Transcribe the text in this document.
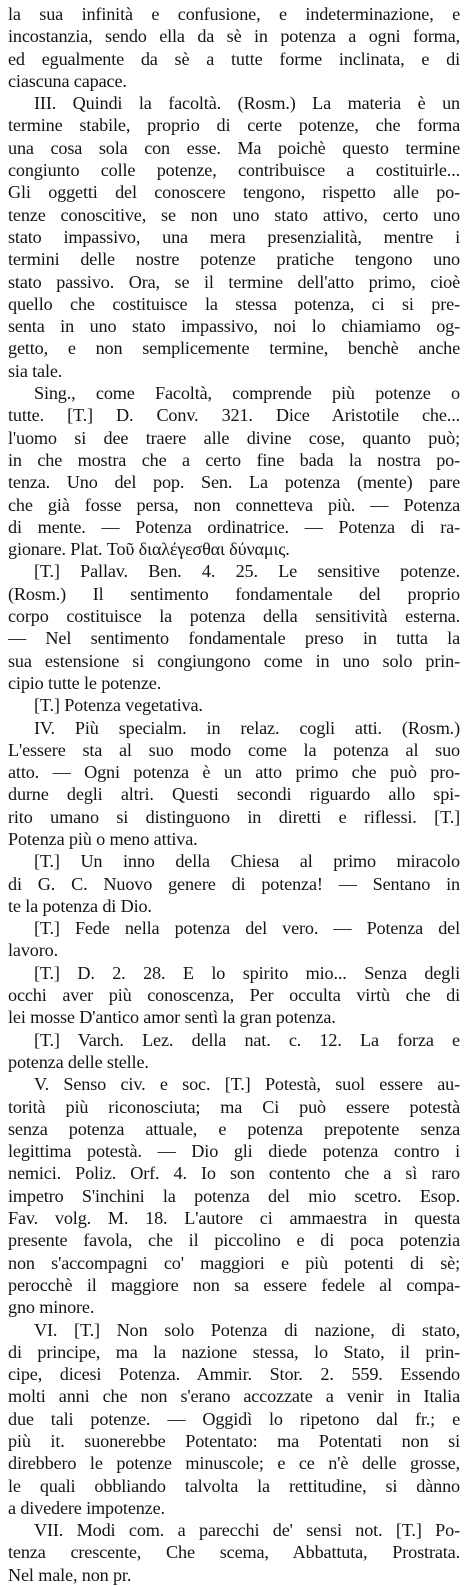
la sua infinità e confusione, e indeterminazione, e
incostanzia, sendo ella da sè in potenza a ogni forma,
ed egualmente da sè a tutte forme inclinata, e di
ciascuna capace.
III. Quindi la facoltà. (Rosm.) La materia è un
termine stabile, proprio di certe potenze, che forma
una cosa sola con esse. Ma poichè questo termine
congiunto colle potenze, contribuisce a costituirle...
Gli oggetti del conoscere tengono, rispetto alle po-
tenze conoscitive, se non uno stato attivo, certo uno
stato impassivo, una mera presenzialità, mentre i
termini delle nostre potenze pratiche tengono uno
stato passivo. Ora, se il termine dell'atto primo, cioè
quello che costituisce la stessa potenza, ci si pre-
senta in uno stato impassivo, noi lo chiamiamo og-
getto, e non semplicemente termine, benchè anche
sia tale.
Sing., come Facoltà, comprende più potenze o
tutte. [T.] D. Conv. 321. Dice Aristotile che...
l'uomo si dee traere alle divine cose, quanto può;
in che mostra che a certo fine bada la nostra po-
tenza. Uno del pop. Sen. La potenza (mente) pare
che già fosse persa, non connetteva più. — Potenza
di mente. — Potenza ordinatrice. — Potenza di ra-
gionare. Plat. Τοῦ διαλέγεσθαι δύναμις.
[T.] Pallav. Ben. 4. 25. Le sensitive potenze.
(Rosm.) Il sentimento fondamentale del proprio
corpo costituisce la potenza della sensitività esterna.
— Nel sentimento fondamentale preso in tutta la
sua estensione si congiungono come in uno solo prin-
cipio tutte le potenze.
[T.] Potenza vegetativa.
IV. Più specialm. in relaz. cogli atti. (Rosm.)
L'essere sta al suo modo come la potenza al suo
atto. — Ogni potenza è un atto primo che può pro-
durne degli altri. Questi secondi riguardo allo spi-
rito umano si distinguono in diretti e riflessi. [T.]
Potenza più o meno attiva.
[T.] Un inno della Chiesa al primo miracolo
di G. C. Nuovo genere di potenza! — Sentano in
te la potenza di Dio.
[T.] Fede nella potenza del vero. — Potenza del
lavoro.
[T.] D. 2. 28. E lo spirito mio... Senza degli
occhi aver più conoscenza, Per occulta virtù che di
lei mosse D'antico amor sentì la gran potenza.
[T.] Varch. Lez. della nat. c. 12. La forza e
potenza delle stelle.
V. Senso civ. e soc. [T.] Potestà, suol essere au-
torità più riconosciuta; ma Ci può essere potestà
senza potenza attuale, e potenza prepotente senza
legittima potestà. — Dio gli diede potenza contro i
nemici. Poliz. Orf. 4. Io son contento che a sì raro
impetro S'inchini la potenza del mio scetro. Esop.
Fav. volg. M. 18. L'autore ci ammaestra in questa
presente favola, che il piccolino e di poca potenzia
non s'accompagni co' maggiori e più potenti di sè;
perocchè il maggiore non sa essere fedele al compa-
gno minore.
VI. [T.] Non solo Potenza di nazione, di stato,
di principe, ma la nazione stessa, lo Stato, il prin-
cipe, dicesi Potenza. Ammir. Stor. 2. 559. Essendo
molti anni che non s'erano accozzate a venir in Italia
due tali potenze. — Oggidì lo ripetono dal fr.; e
più it. suonerebbe Potentato: ma Potentati non si
direbbero le potenze minuscole; e ce n'è delle grosse,
le quali obbliando talvolta la rettitudine, si dànno
a divedere impotenze.
VII. Modi com. a parecchi de' sensi not. [T.] Po-
tenza crescente, Che scema, Abbattuta, Prostrata.
Nel male, non pr.
